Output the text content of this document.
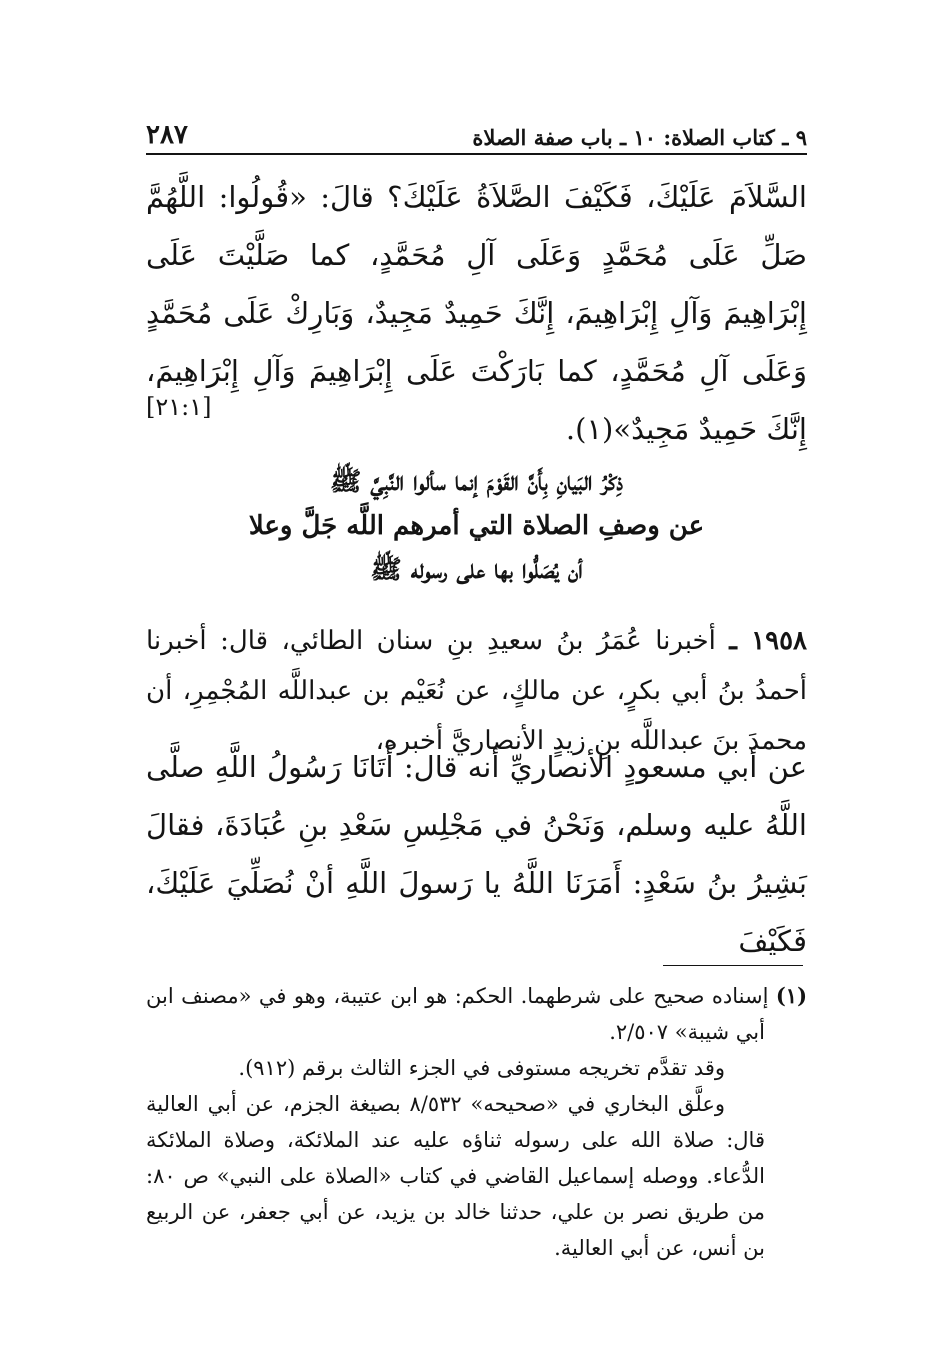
٩ ـ كتاب الصلاة: ١٠ ـ باب صفة الصلاة
٢٨٧

السَّلاَمَ عَلَيْكَ، فَكَيْفَ الصَّلاَةُ عَلَيْكَ؟ قالَ: «قُولُوا: اللَّهُمَّ صَلِّ عَلَى مُحَمَّدٍ وَعَلَى آلِ مُحَمَّدٍ، كما صَلَّيْتَ عَلَى إِبْرَاهِيمَ وَآلِ إِبْرَاهِيمَ، إِنَّكَ حَمِيدٌ مَجِيدٌ، وَبَارِكْ عَلَى مُحَمَّدٍ وَعَلَى آلِ مُحَمَّدٍ، كما بَارَكْتَ عَلَى إِبْرَاهِيمَ وَآلِ إِبْرَاهِيمَ، إِنَّكَ حَمِيدٌ مَجِيدٌ»(١).

[٢١:١]
ذِكْرُ البَيانِ بِأَنَّ القَوْمَ إنما سألوا النَّبِيَّ ﷺ
عن وصفِ الصلاة التي أمرهم اللَّه جَلَّ وعلا
أن يُصَلُّوا بها على رسوله ﷺ

١٩٥٨ ـ أخبرنا عُمَرُ بنُ سعيدِ بنِ سنان الطائي، قال: أخبرنا أحمدُ بنُ أبي بكرٍ، عن مالكٍ، عن نُعَيْم بن عبداللَّه المُجْمِرِ، أن محمدَ بنَ عبداللَّه بنِ زيدٍ الأنصاريَّ أخبره،

عن أبي مسعودٍ الأنصاريِّ أنه قال: أَتَانَا رَسُولُ اللَّهِ صلَّى اللَّهُ عليه وسلم، وَنَحْنُ في مَجْلِسِ سَعْدِ بنِ عُبَادَةَ، فقالَ بَشِيرُ بنُ سَعْدٍ: أَمَرَنَا اللَّهُ يا رَسولَ اللَّهِ أنْ نُصَلِّيَ عَلَيْكَ، فَكَيْفَ

(١) إسناده صحيح على شرطهما. الحكم: هو ابن عتيبة، وهو في «مصنف ابن أبي شيبة» ٢/٥٠٧.

وقد تقدَّم تخريجه مستوفى في الجزء الثالث برقم (٩١٢).

وعلَّق البخاري في «صحيحه» ٨/٥٣٢ بصيغة الجزم، عن أبي العالية قال: صلاة الله على رسوله ثناؤه عليه عند الملائكة، وصلاة الملائكة الدُّعاء. ووصله إسماعيل القاضي في كتاب «الصلاة على النبي» ص ٨٠: من طريق نصر بن علي، حدثنا خالد بن يزيد، عن أبي جعفر، عن الربيع بن أنس، عن أبي العالية.
